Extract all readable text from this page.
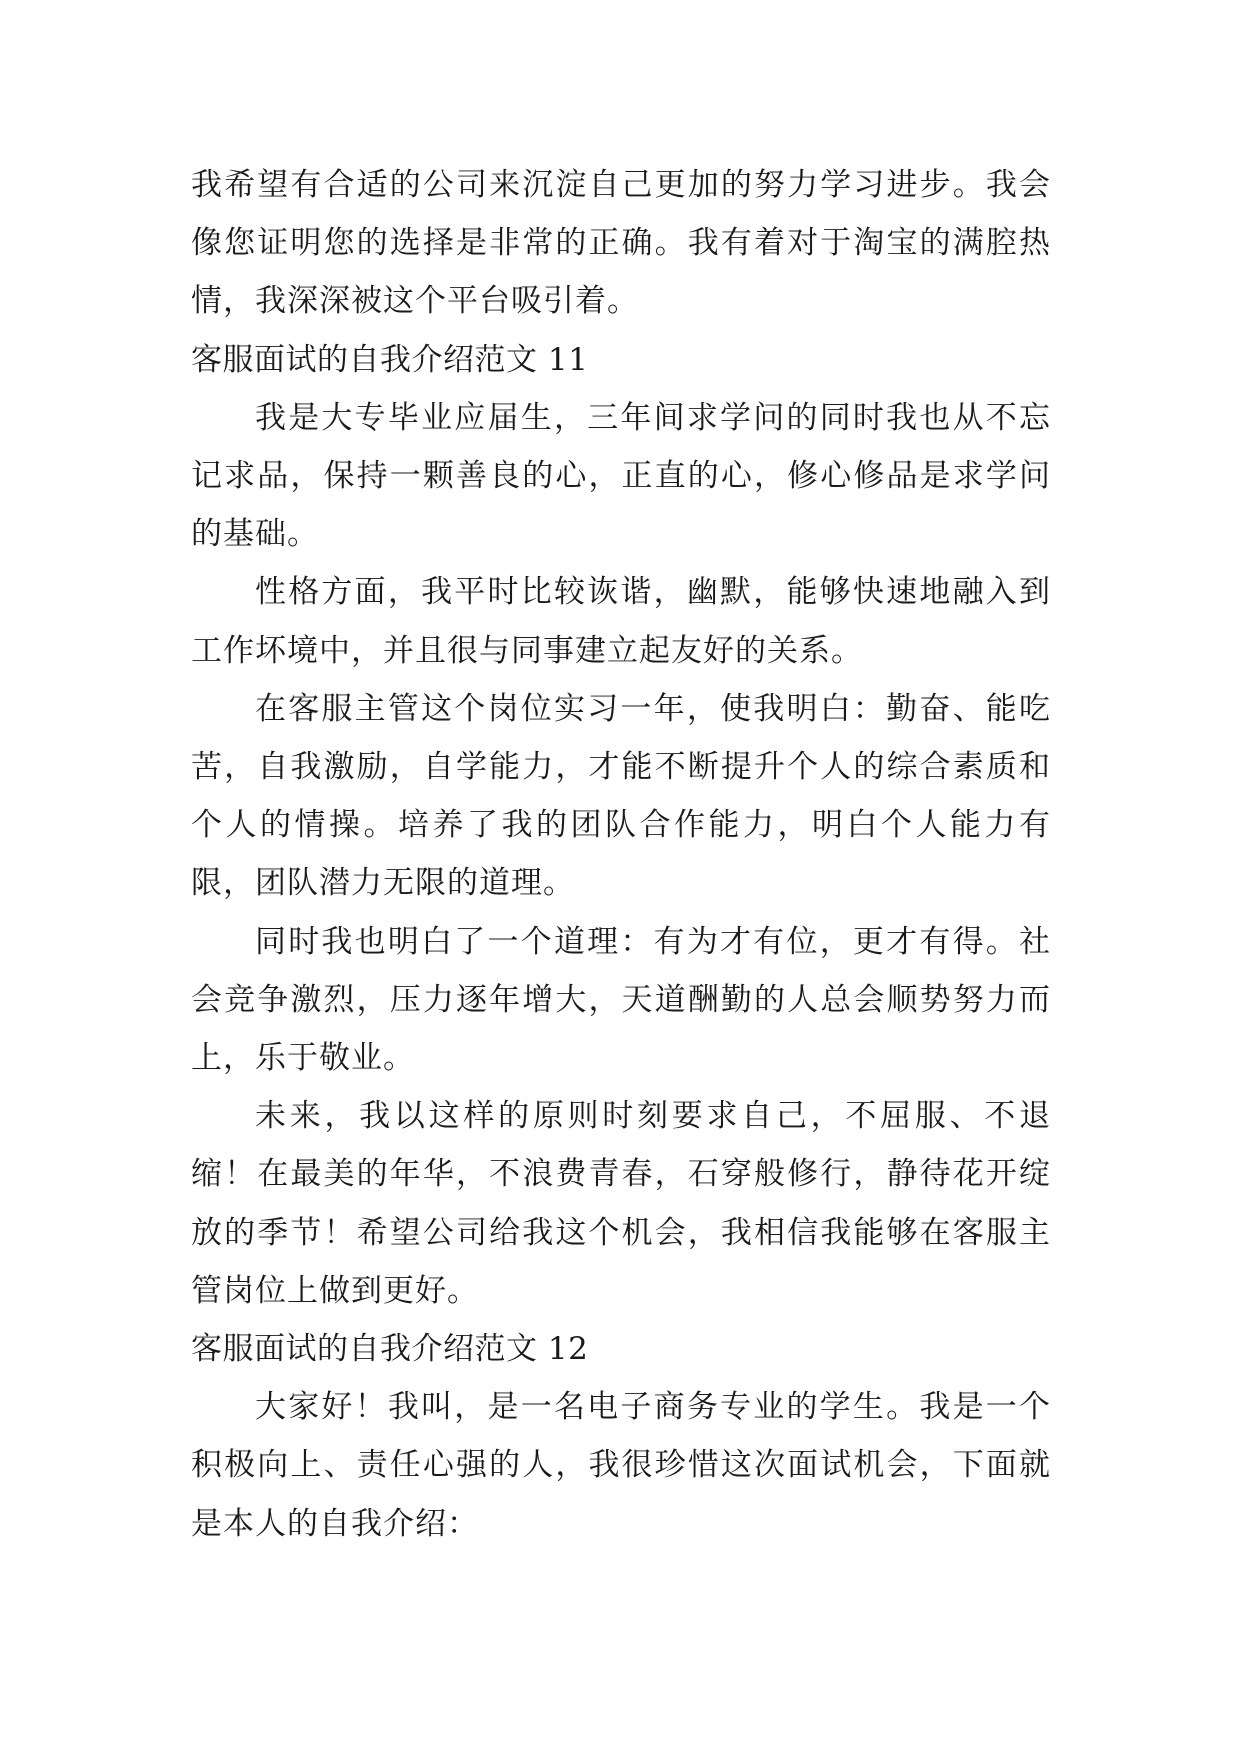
我希望有合适的公司来沉淀自己更加的努力学习进步。我会像您证明您的选择是非常的正确。我有着对于淘宝的满腔热情，我深深被这个平台吸引着。

客服面试的自我介绍范文 11

我是大专毕业应届生，三年间求学问的同时我也从不忘记求品，保持一颗善良的心，正直的心，修心修品是求学问的基础。

性格方面，我平时比较诙谐，幽默，能够快速地融入到工作坏境中，并且很与同事建立起友好的关系。

在客服主管这个岗位实习一年，使我明白：勤奋、能吃苦，自我激励，自学能力，才能不断提升个人的综合素质和个人的情操。培养了我的团队合作能力，明白个人能力有限，团队潜力无限的道理。

同时我也明白了一个道理：有为才有位，更才有得。社会竞争激烈，压力逐年增大，天道酬勤的人总会顺势努力而上，乐于敬业。

未来，我以这样的原则时刻要求自己，不屈服、不退缩！在最美的年华，不浪费青春，石穿般修行，静待花开绽放的季节！希望公司给我这个机会，我相信我能够在客服主管岗位上做到更好。

客服面试的自我介绍范文 12

大家好！我叫，是一名电子商务专业的学生。我是一个积极向上、责任心强的人，我很珍惜这次面试机会，下面就是本人的自我介绍：
